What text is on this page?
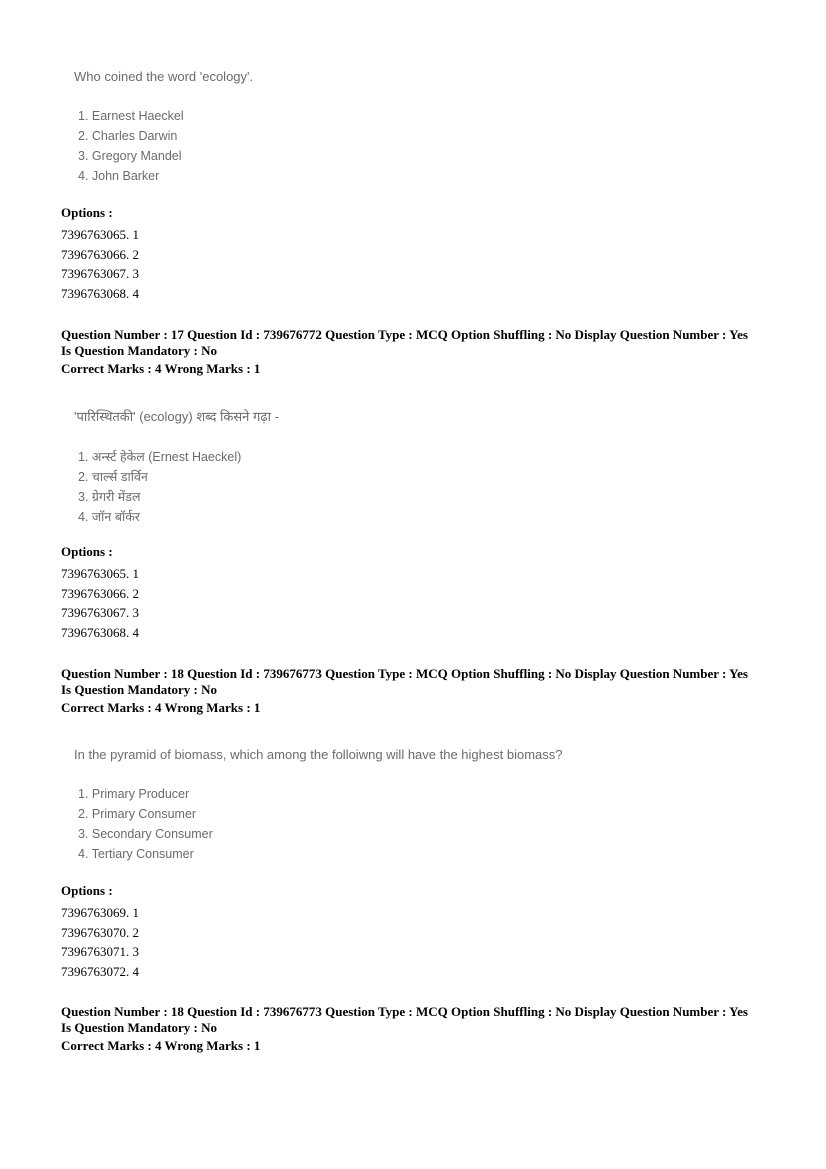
Who coined the word 'ecology'.

1. Earnest Haeckel
2. Charles Darwin
3. Gregory Mandel
4. John Barker
Options :
7396763065. 1
7396763066. 2
7396763067. 3
7396763068. 4
Question Number : 17 Question Id : 739676772 Question Type : MCQ Option Shuffling : No Display Question Number : Yes
Is Question Mandatory : No
Correct Marks : 4 Wrong Marks : 1

'पारिस्थितकी' (ecology) शब्द किसने गढ़ा -

1. अर्न्स्ट हेकेल (Ernest Haeckel)
2. चार्ल्स डार्विन
3. ग्रेगरी मेंडल
4. जॉन बॉर्कर
Options :
7396763065. 1
7396763066. 2
7396763067. 3
7396763068. 4
Question Number : 18 Question Id : 739676773 Question Type : MCQ Option Shuffling : No Display Question Number : Yes
Is Question Mandatory : No
Correct Marks : 4 Wrong Marks : 1

In the pyramid of biomass, which among the folloiwng will have the highest biomass?

1. Primary Producer
2. Primary Consumer
3. Secondary Consumer
4. Tertiary Consumer
Options :
7396763069. 1
7396763070. 2
7396763071. 3
7396763072. 4
Question Number : 18 Question Id : 739676773 Question Type : MCQ Option Shuffling : No Display Question Number : Yes
Is Question Mandatory : No
Correct Marks : 4 Wrong Marks : 1
